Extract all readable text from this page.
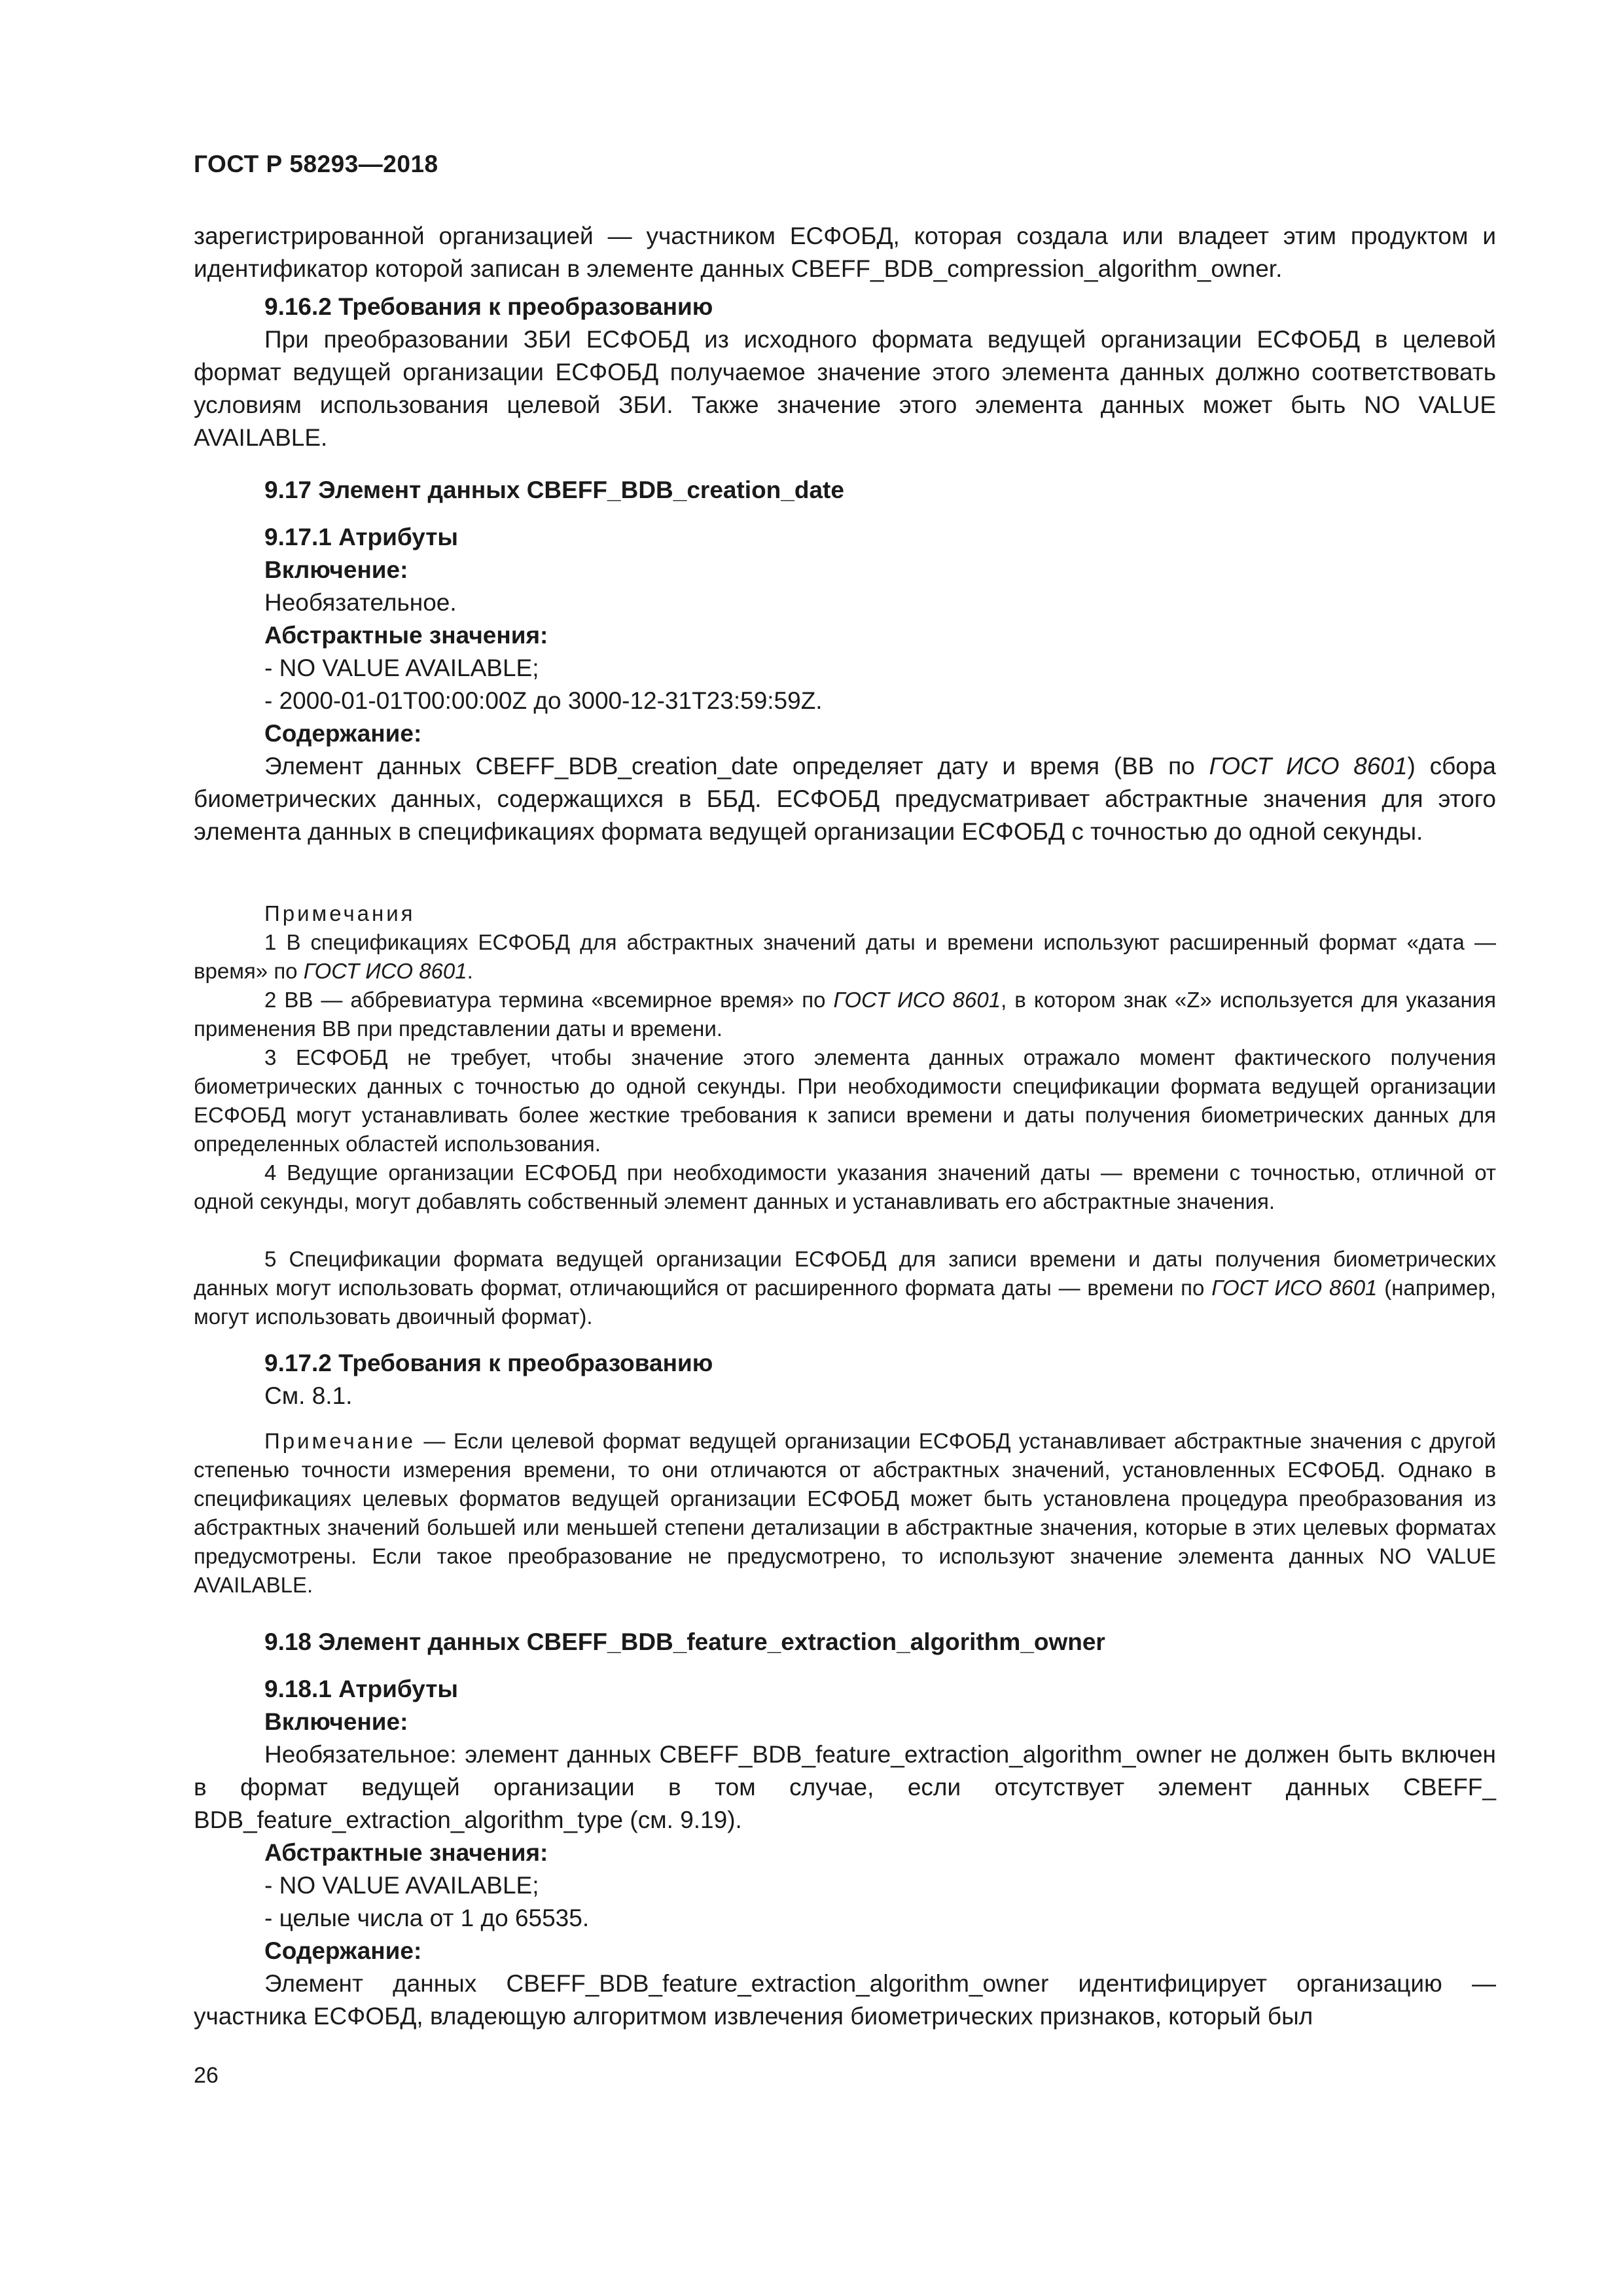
ГОСТ Р 58293—2018
зарегистрированной организацией — участником ЕСФОБД, которая создала или владеет этим продуктом и идентификатор которой записан в элементе данных CBEFF_BDB_compression_algorithm_owner.
9.16.2 Требования к преобразованию
При преобразовании ЗБИ ЕСФОБД из исходного формата ведущей организации ЕСФОБД в целевой формат ведущей организации ЕСФОБД получаемое значение этого элемента данных должно соответствовать условиям использования целевой ЗБИ. Также значение этого элемента данных может быть NO VALUE AVAILABLE.
9.17 Элемент данных CBEFF_BDB_creation_date
9.17.1 Атрибуты
Включение:
Необязательное.
Абстрактные значения:
- NO VALUE AVAILABLE;
- 2000-01-01T00:00:00Z до 3000-12-31T23:59:59Z.
Содержание:
Элемент данных CBEFF_BDB_creation_date определяет дату и время (ВВ по ГОСТ ИСО 8601) сбора биометрических данных, содержащихся в ББД. ЕСФОБД предусматривает абстрактные значения для этого элемента данных в спецификациях формата ведущей организации ЕСФОБД с точностью до одной секунды.
Примечания
1 В спецификациях ЕСФОБД для абстрактных значений даты и времени используют расширенный формат «дата — время» по ГОСТ ИСО 8601.
2 ВВ — аббревиатура термина «всемирное время» по ГОСТ ИСО 8601, в котором знак «Z» используется для указания применения ВВ при представлении даты и времени.
3 ЕСФОБД не требует, чтобы значение этого элемента данных отражало момент фактического получения биометрических данных с точностью до одной секунды. При необходимости спецификации формата ведущей организации ЕСФОБД могут устанавливать более жесткие требования к записи времени и даты получения биометрических данных для определенных областей использования.
4 Ведущие организации ЕСФОБД при необходимости указания значений даты — времени с точностью, отличной от одной секунды, могут добавлять собственный элемент данных и устанавливать его абстрактные значения.
5 Спецификации формата ведущей организации ЕСФОБД для записи времени и даты получения биометрических данных могут использовать формат, отличающийся от расширенного формата даты — времени по ГОСТ ИСО 8601 (например, могут использовать двоичный формат).
9.17.2 Требования к преобразованию
См. 8.1.
Примечание — Если целевой формат ведущей организации ЕСФОБД устанавливает абстрактные значения с другой степенью точности измерения времени, то они отличаются от абстрактных значений, установленных ЕСФОБД. Однако в спецификациях целевых форматов ведущей организации ЕСФОБД может быть установлена процедура преобразования из абстрактных значений большей или меньшей степени детализации в абстрактные значения, которые в этих целевых форматах предусмотрены. Если такое преобразование не предусмотрено, то используют значение элемента данных NO VALUE AVAILABLE.
9.18 Элемент данных CBEFF_BDB_feature_extraction_algorithm_owner
9.18.1 Атрибуты
Включение:
Необязательное: элемент данных CBEFF_BDB_feature_extraction_algorithm_owner не должен быть включен в формат ведущей организации в том случае, если отсутствует элемент данных CBEFF_ BDB_feature_extraction_algorithm_type (см. 9.19).
Абстрактные значения:
- NO VALUE AVAILABLE;
- целые числа от 1 до 65535.
Содержание:
Элемент данных CBEFF_BDB_feature_extraction_algorithm_owner идентифицирует организацию — участника ЕСФОБД, владеющую алгоритмом извлечения биометрических признаков, который был
26
